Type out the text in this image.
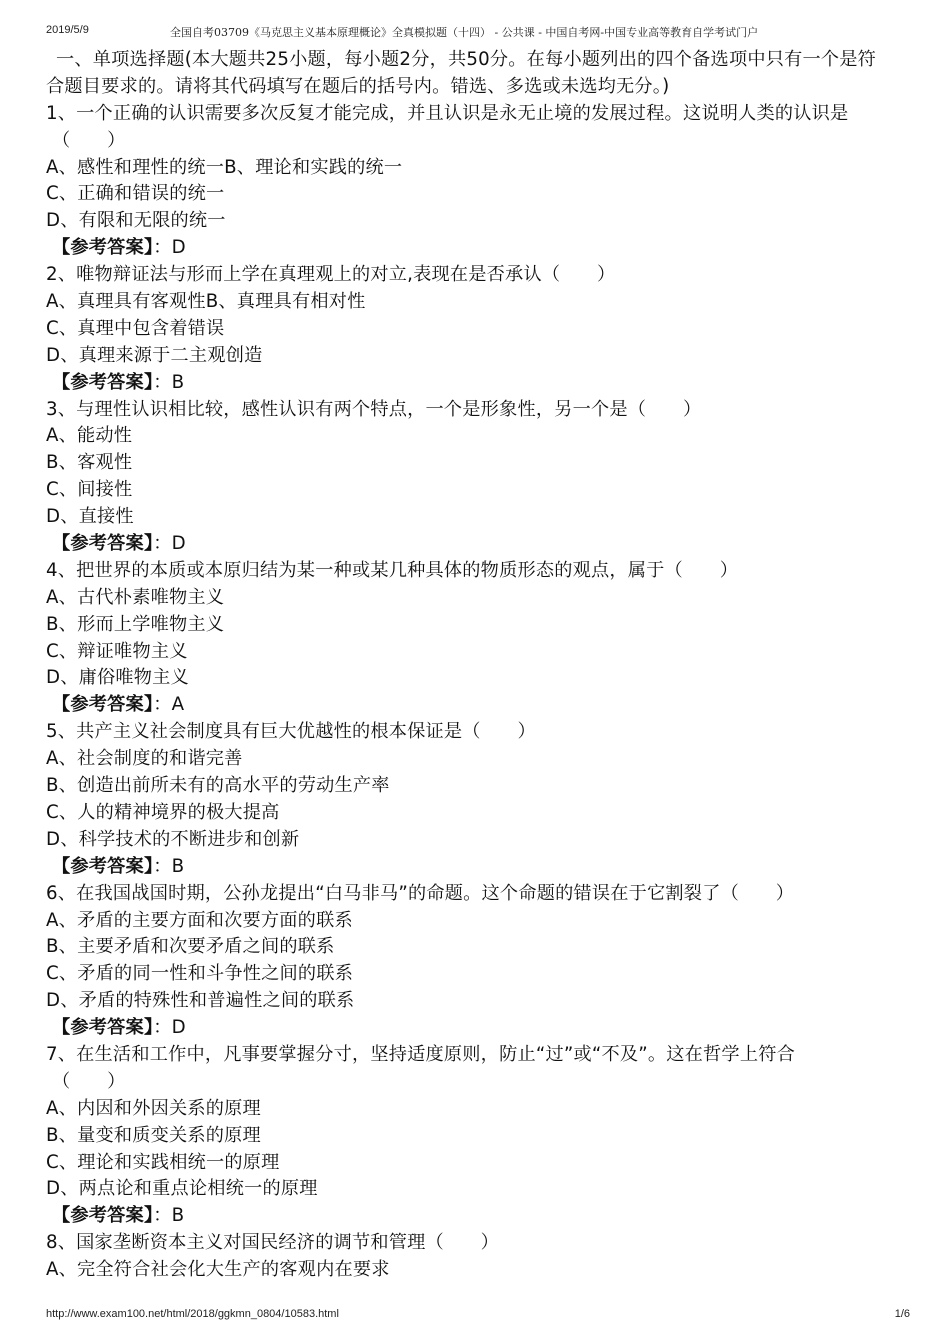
2019/5/9	全国自考03709《马克思主义基本原理概论》全真模拟题（十四） - 公共课 - 中国自考网-中国专业高等教育自学考试门户
一、单项选择题(本大题共25小题，每小题2分，共50分。在每小题列出的四个备选项中只有一个是符
合题目要求的。请将其代码填写在题后的括号内。错选、多选或未选均无分。)
1、一个正确的认识需要多次反复才能完成，并且认识是永无止境的发展过程。这说明人类的认识是
（　　）
A、感性和理性的统一B、理论和实践的统一
C、正确和错误的统一
D、有限和无限的统一
【参考答案】：D
2、唯物辩证法与形而上学在真理观上的对立,表现在是否承认（　　）
A、真理具有客观性B、真理具有相对性
C、真理中包含着错误
D、真理来源于二主观创造
【参考答案】：B
3、与理性认识相比较，感性认识有两个特点，一个是形象性，另一个是（　　）
A、能动性
B、客观性
C、间接性
D、直接性
【参考答案】：D
4、把世界的本质或本原归结为某一种或某几种具体的物质形态的观点，属于（　　）
A、古代朴素唯物主义
B、形而上学唯物主义
C、辩证唯物主义
D、庸俗唯物主义
【参考答案】：A
5、共产主义社会制度具有巨大优越性的根本保证是（　　）
A、社会制度的和谐完善
B、创造出前所未有的高水平的劳动生产率
C、人的精神境界的极大提高
D、科学技术的不断进步和创新
【参考答案】：B
6、在我国战国时期，公孙龙提出“白马非马”的命题。这个命题的错误在于它割裂了（　　）
A、矛盾的主要方面和次要方面的联系
B、主要矛盾和次要矛盾之间的联系
C、矛盾的同一性和斗争性之间的联系
D、矛盾的特殊性和普遍性之间的联系
【参考答案】：D
7、在生活和工作中，凡事要掌握分寸，坚持适度原则，防止“过”或“不及”。这在哲学上符合
（　　）
A、内因和外因关系的原理
B、量变和质变关系的原理
C、理论和实践相统一的原理
D、两点论和重点论相统一的原理
【参考答案】：B
8、国家垄断资本主义对国民经济的调节和管理（　　）
A、完全符合社会化大生产的客观内在要求
http://www.exam100.net/html/2018/ggkmn_0804/10583.html	1/6
